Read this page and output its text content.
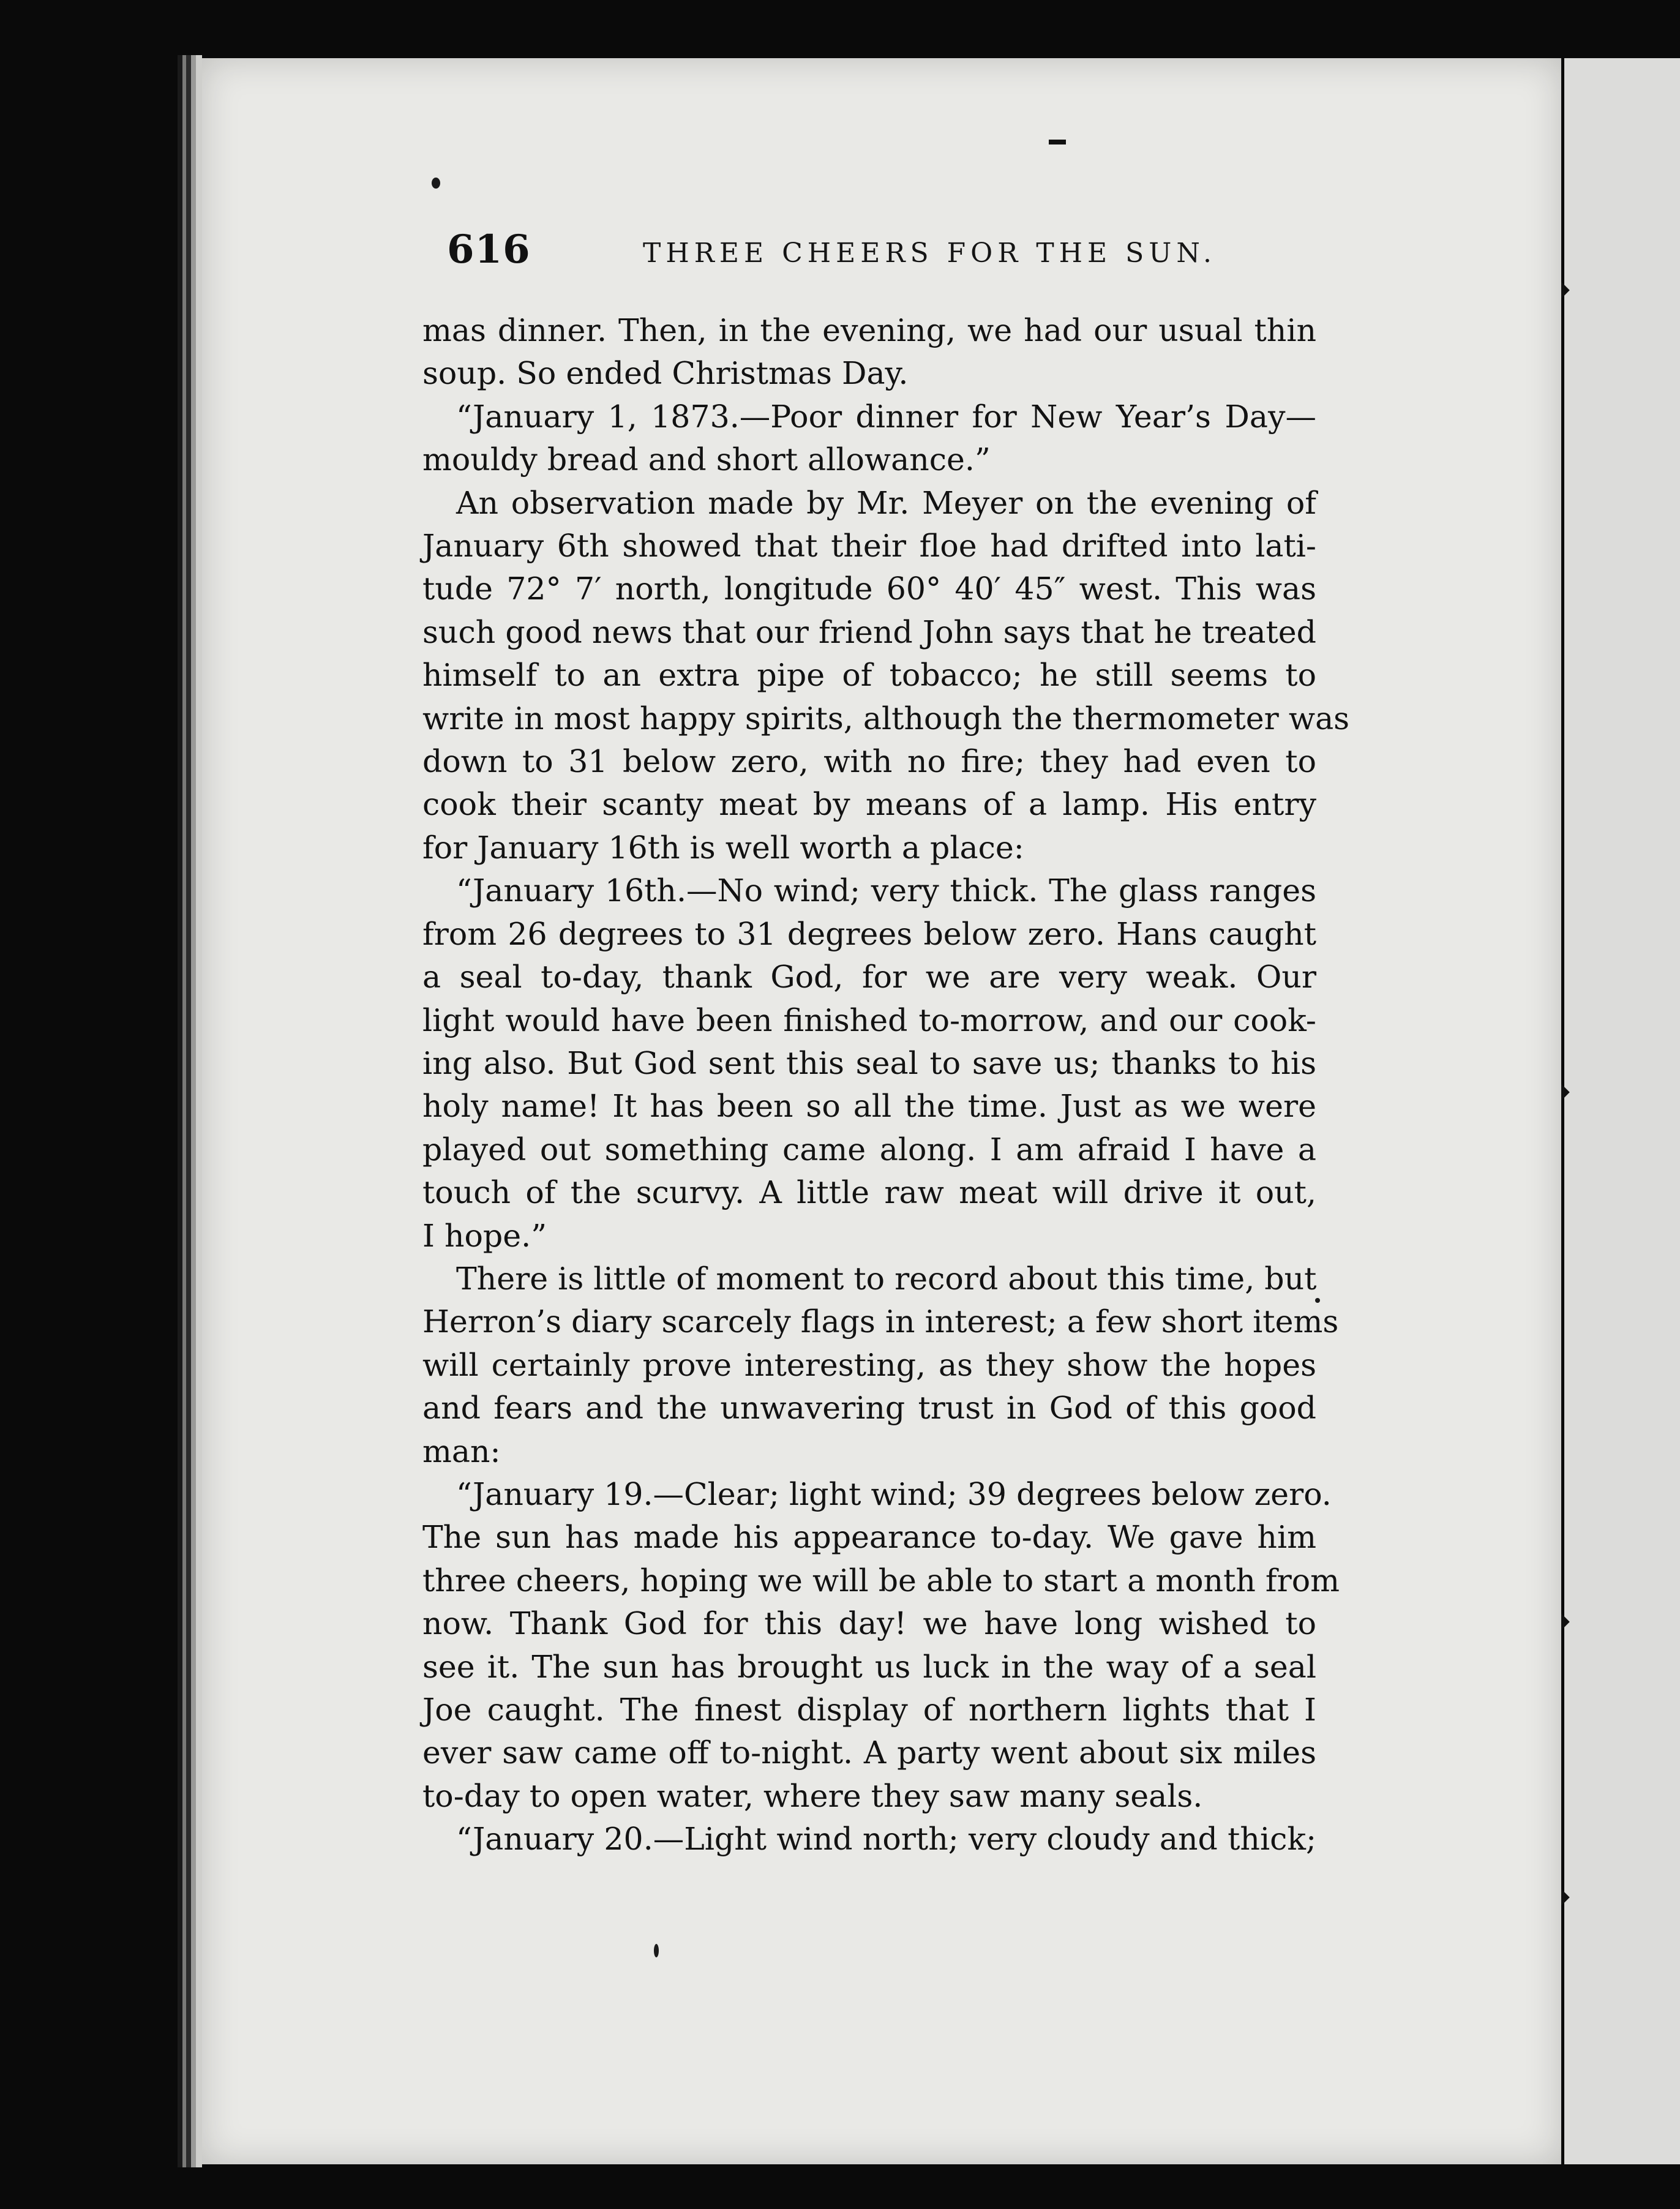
616	THREE CHEERS FOR THE SUN.
mas dinner. Then, in the evening, we had our usual thin
soup. So ended Christmas Day.
“January 1, 1873.—Poor dinner for New Year’s Day—
mouldy bread and short allowance.”
An observation made by Mr. Meyer on the evening of
January 6th showed that their floe had drifted into lati-
tude 72° 7′ north, longitude 60° 40′ 45″ west. This was
such good news that our friend John says that he treated
himself to an extra pipe of tobacco; he still seems to
write in most happy spirits, although the thermometer was
down to 31 below zero, with no fire; they had even to
cook their scanty meat by means of a lamp. His entry
for January 16th is well worth a place:
“January 16th.—No wind; very thick. The glass ranges
from 26 degrees to 31 degrees below zero. Hans caught
a seal to-day, thank God, for we are very weak. Our
light would have been finished to-morrow, and our cook-
ing also. But God sent this seal to save us; thanks to his
holy name! It has been so all the time. Just as we were
played out something came along. I am afraid I have a
touch of the scurvy. A little raw meat will drive it out,
I hope.”
There is little of moment to record about this time, but
Herron’s diary scarcely flags in interest; a few short items
will certainly prove interesting, as they show the hopes
and fears and the unwavering trust in God of this good
man:
“January 19.—Clear; light wind; 39 degrees below zero.
The sun has made his appearance to-day. We gave him
three cheers, hoping we will be able to start a month from
now. Thank God for this day! we have long wished to
see it. The sun has brought us luck in the way of a seal
Joe caught. The finest display of northern lights that I
ever saw came off to-night. A party went about six miles
to-day to open water, where they saw many seals.
“January 20.—Light wind north; very cloudy and thick;
